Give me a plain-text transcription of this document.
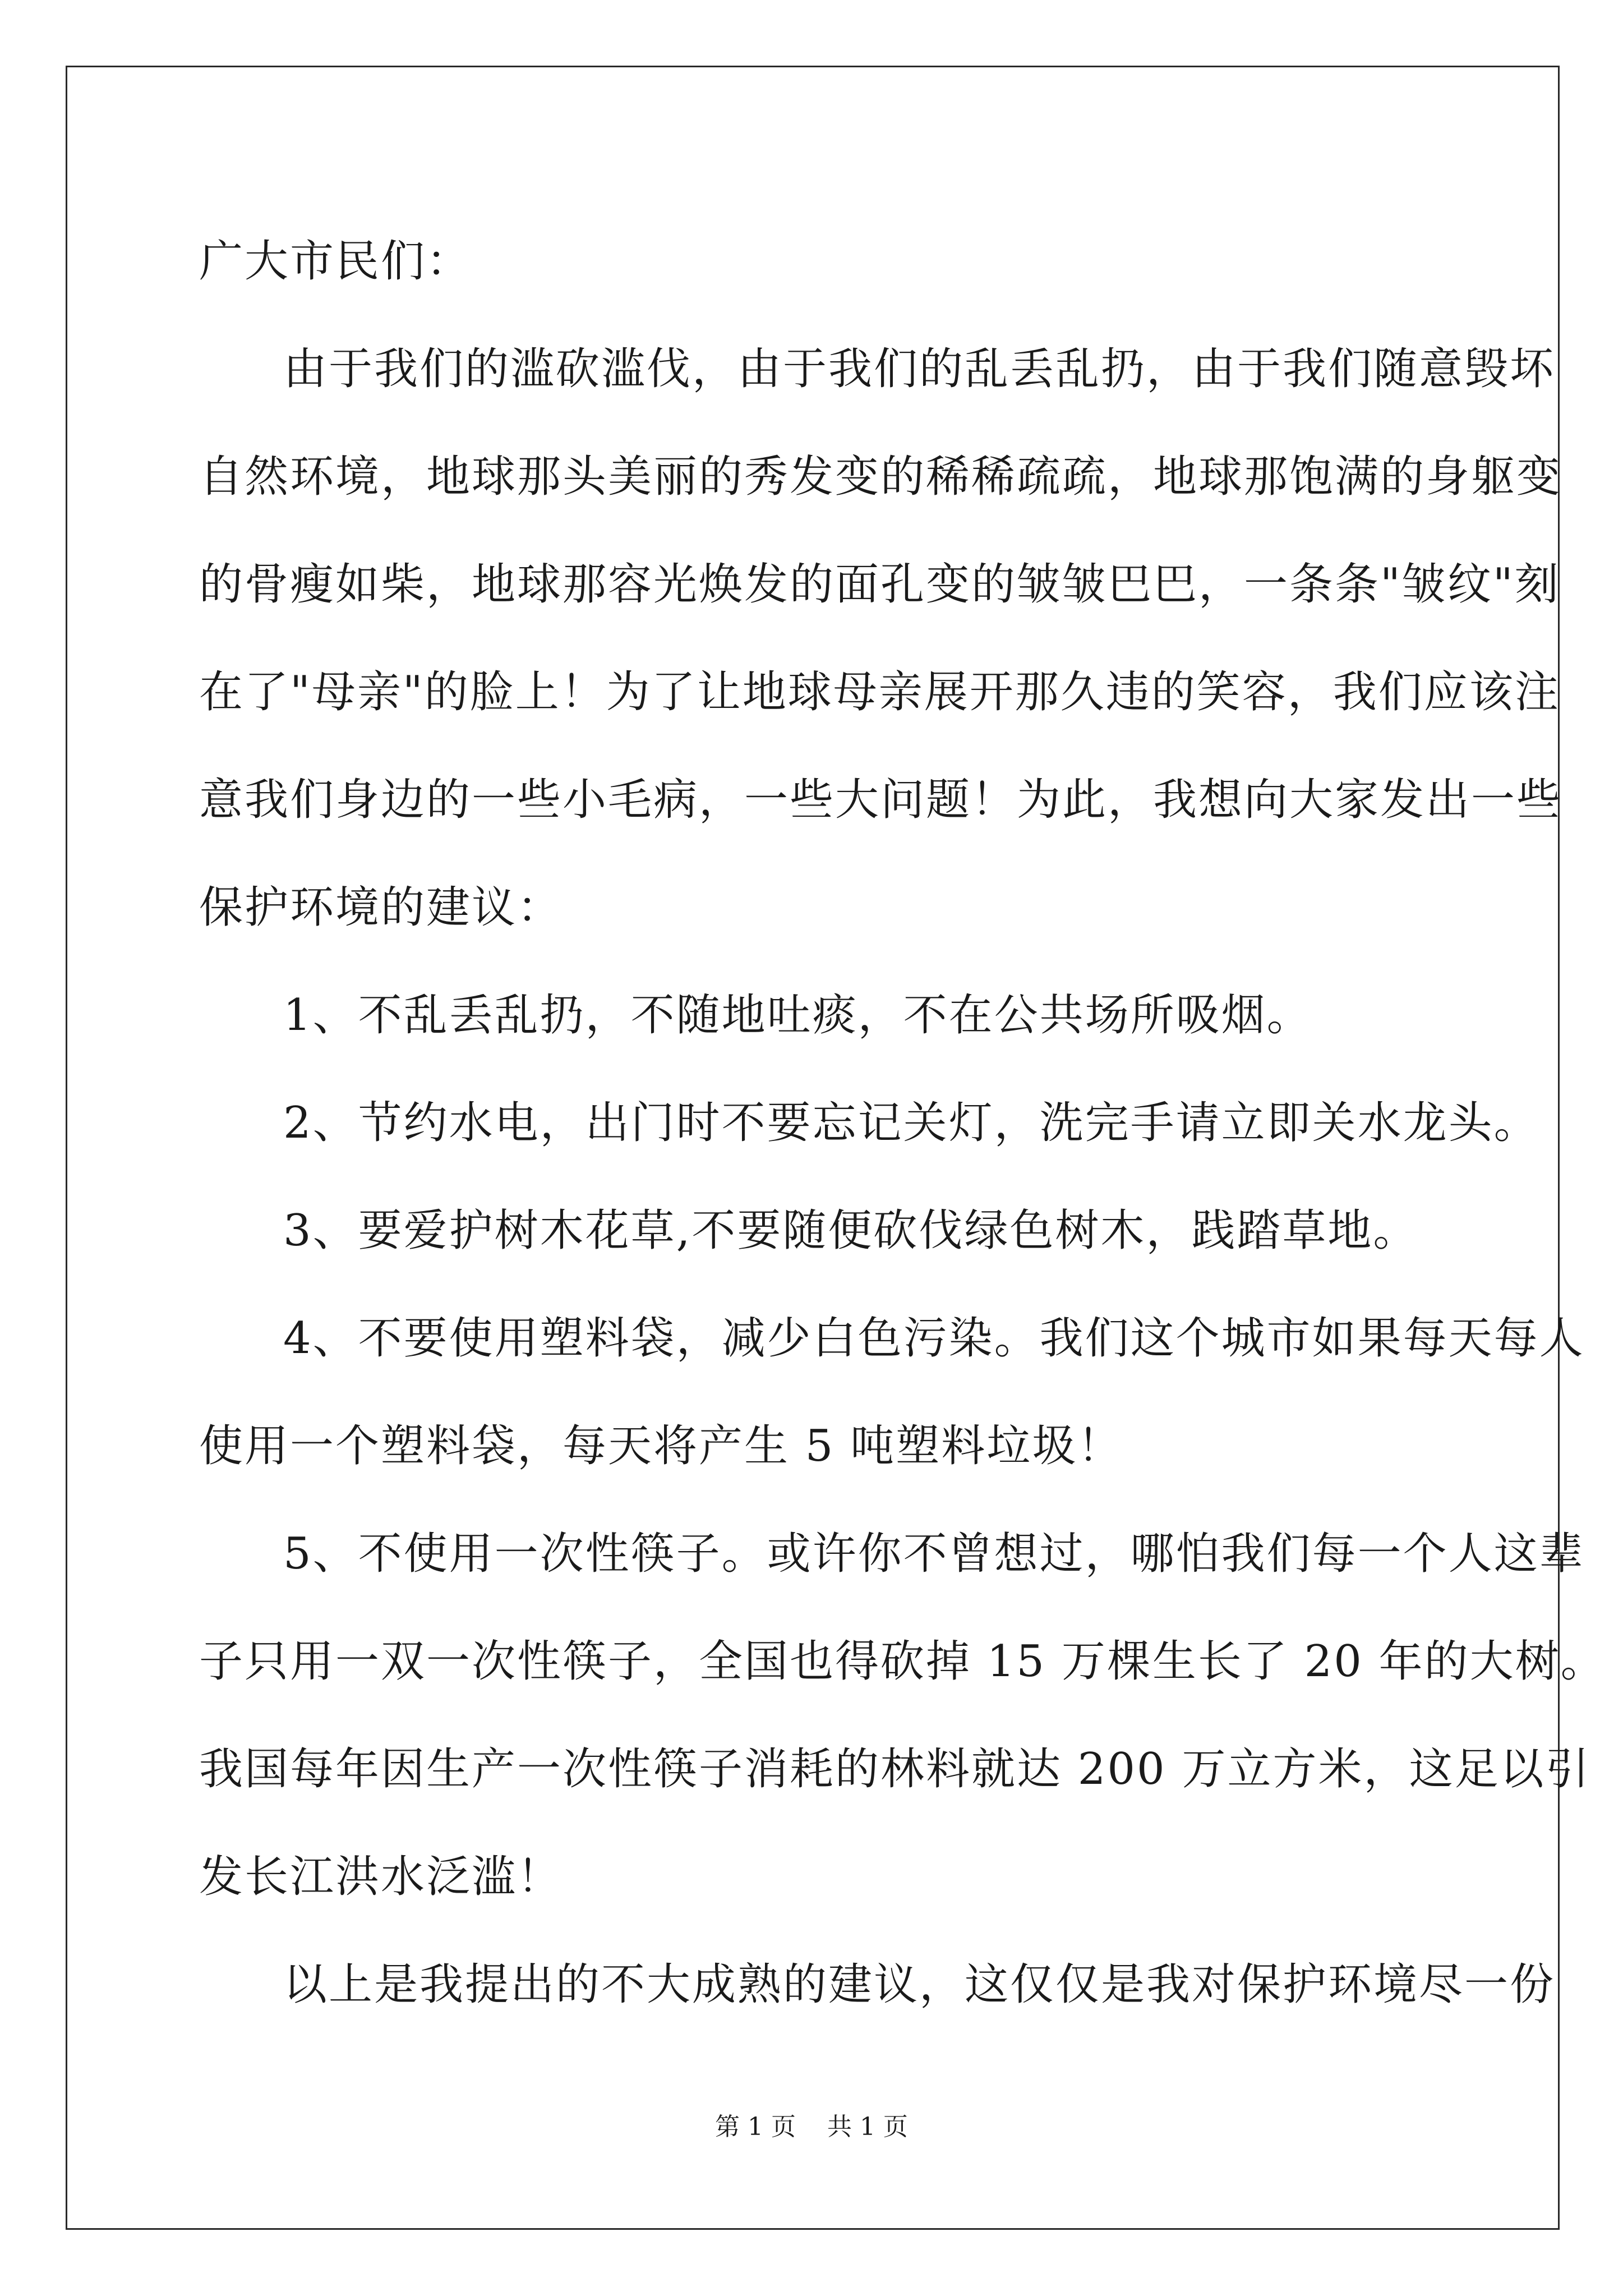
广大市民们：
由于我们的滥砍滥伐，由于我们的乱丢乱扔，由于我们随意毁坏
自然环境，地球那头美丽的秀发变的稀稀疏疏，地球那饱满的身躯变
的骨瘦如柴，地球那容光焕发的面孔变的皱皱巴巴，一条条"皱纹"刻
在了"母亲"的脸上！为了让地球母亲展开那久违的笑容，我们应该注
意我们身边的一些小毛病，一些大问题！为此，我想向大家发出一些
保护环境的建议：
1、不乱丢乱扔，不随地吐痰，不在公共场所吸烟。
2、节约水电，出门时不要忘记关灯，洗完手请立即关水龙头。
3、要爱护树木花草,不要随便砍伐绿色树木，践踏草地。
4、不要使用塑料袋，减少白色污染。我们这个城市如果每天每人
使用一个塑料袋，每天将产生 5 吨塑料垃圾！
5、不使用一次性筷子。或许你不曾想过，哪怕我们每一个人这辈
子只用一双一次性筷子，全国也得砍掉 15 万棵生长了 20 年的大树。
我国每年因生产一次性筷子消耗的林料就达 200 万立方米，这足以引
发长江洪水泛滥！
以上是我提出的不大成熟的建议，这仅仅是我对保护环境尽一份
第 1 页 共 1 页
